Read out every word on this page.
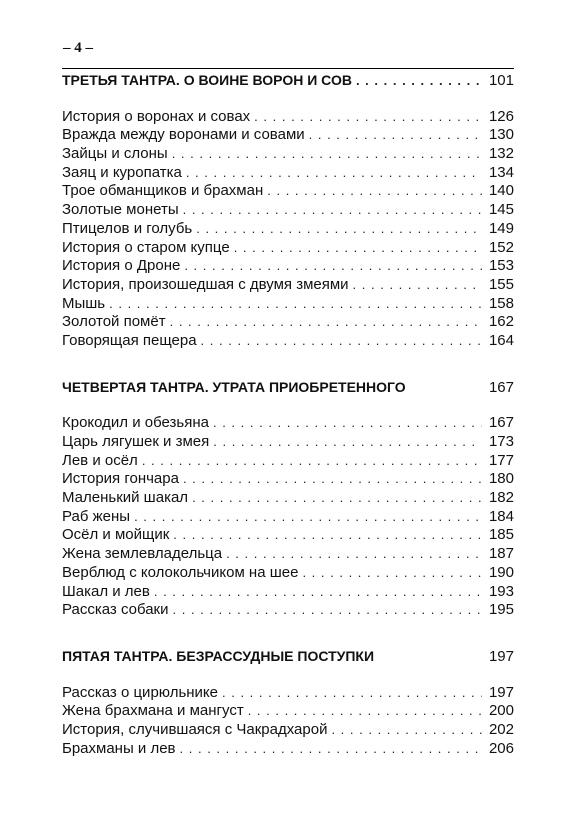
– 4 –
ТРЕТЬЯ ТАНТРА. О ВОИНЕ ВОРОН И СОВ . . .	101
История о воронах и совах . . .	126
Вражда между воронами и совами . . .	130
Зайцы и слоны . . .	132
Заяц и куропатка . . .	134
Трое обманщиков и брахман . . .	140
Золотые монеты . . .	145
Птицелов и голубь . . .	149
История о старом купце . . .	152
История о Дроне . . .	153
История, произошедшая с двумя змеями . . .	155
Мышь . . .	158
Золотой помёт . . .	162
Говорящая пещера . . .	164
ЧЕТВЕРТАЯ ТАНТРА. УТРАТА ПРИОБРЕТЕННОГО	167
Крокодил и обезьяна . . .	167
Царь лягушек и змея . . .	173
Лев и осёл . . .	177
История гончара . . .	180
Маленький шакал . . .	182
Раб жены . . .	184
Осёл и мойщик . . .	185
Жена землевладельца . . .	187
Верблюд с колокольчиком на шее . . .	190
Шакал и лев . . .	193
Рассказ собаки . . .	195
ПЯТАЯ ТАНТРА. БЕЗРАССУДНЫЕ ПОСТУПКИ	197
Рассказ о цирюльнике . . .	197
Жена брахмана и мангуст . . .	200
История, случившаяся с Чакрадхарой . . .	202
Брахманы и лев . . .	206
